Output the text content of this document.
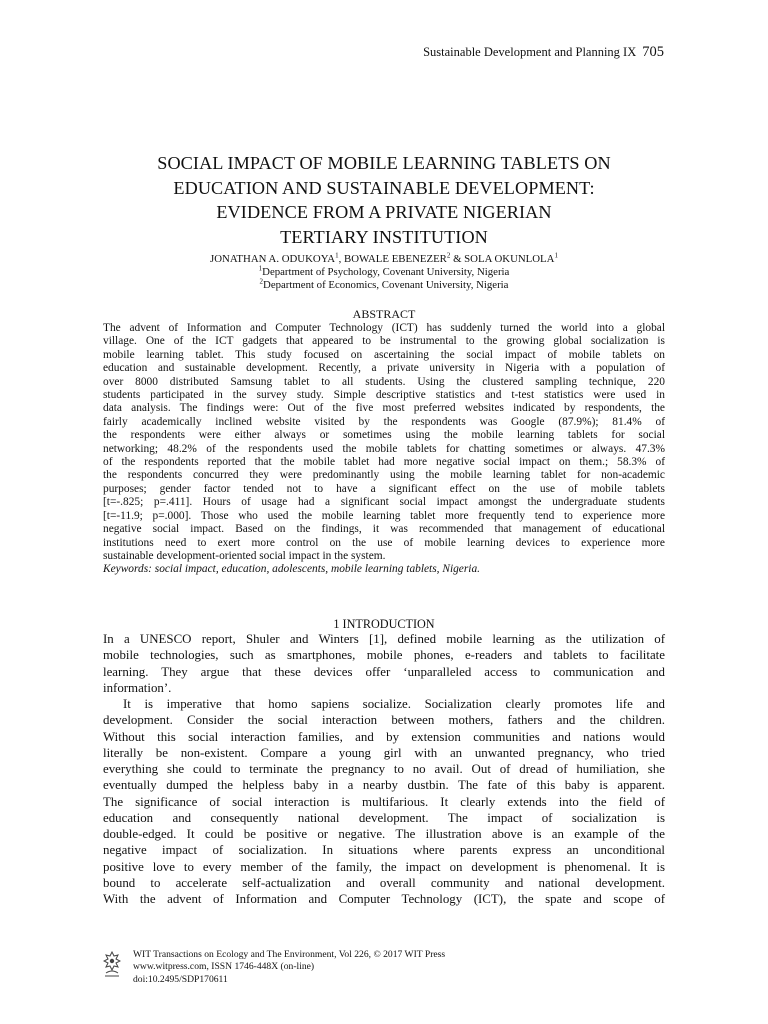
Sustainable Development and Planning IX 705
SOCIAL IMPACT OF MOBILE LEARNING TABLETS ON
EDUCATION AND SUSTAINABLE DEVELOPMENT:
EVIDENCE FROM A PRIVATE NIGERIAN
TERTIARY INSTITUTION
JONATHAN A. ODUKOYA$^1$, BOWALE EBENEZER$^2$ & SOLA OKUNLOLA$^1$
$^1$Department of Psychology, Covenant University, Nigeria
$^2$Department of Economics, Covenant University, Nigeria
ABSTRACT
The advent of Information and Computer Technology (ICT) has suddenly turned the world into a global
village. One of the ICT gadgets that appeared to be instrumental to the growing global socialization is
mobile learning tablet. This study focused on ascertaining the social impact of mobile tablets on
education and sustainable development. Recently, a private university in Nigeria with a population of
over 8000 distributed Samsung tablet to all students. Using the clustered sampling technique, 220
students participated in the survey study. Simple descriptive statistics and t-test statistics were used in
data analysis. The findings were: Out of the five most preferred websites indicated by respondents, the
fairly academically inclined website visited by the respondents was Google (87.9%); 81.4% of
the respondents were either always or sometimes using the mobile learning tablets for social
networking; 48.2% of the respondents used the mobile tablets for chatting sometimes or always. 47.3%
of the respondents reported that the mobile tablet had more negative social impact on them.; 58.3% of
the respondents concurred they were predominantly using the mobile learning tablet for non-academic
purposes; gender factor tended not to have a significant effect on the use of mobile tablets
[t=-.825; p=.411]. Hours of usage had a significant social impact amongst the undergraduate students
[t=-11.9; p=.000]. Those who used the mobile learning tablet more frequently tend to experience more
negative social impact. Based on the findings, it was recommended that management of educational
institutions need to exert more control on the use of mobile learning devices to experience more
sustainable development-oriented social impact in the system.
Keywords: social impact, education, adolescents, mobile learning tablets, Nigeria.
1 INTRODUCTION
In a UNESCO report, Shuler and Winters [1], defined mobile learning as the utilization of
mobile technologies, such as smartphones, mobile phones, e-readers and tablets to facilitate
learning. They argue that these devices offer ‘unparalleled access to communication and
information’.
It is imperative that homo sapiens socialize. Socialization clearly promotes life and
development. Consider the social interaction between mothers, fathers and the children.
Without this social interaction families, and by extension communities and nations would
literally be non-existent. Compare a young girl with an unwanted pregnancy, who tried
everything she could to terminate the pregnancy to no avail. Out of dread of humiliation, she
eventually dumped the helpless baby in a nearby dustbin. The fate of this baby is apparent.
The significance of social interaction is multifarious. It clearly extends into the field of
education and consequently national development. The impact of socialization is
double-edged. It could be positive or negative. The illustration above is an example of the
negative impact of socialization. In situations where parents express an unconditional
positive love to every member of the family, the impact on development is phenomenal. It is
bound to accelerate self-actualization and overall community and national development.
With the advent of Information and Computer Technology (ICT), the spate and scope of
WIT Transactions on Ecology and The Environment, Vol 226, © 2017 WIT Press
www.witpress.com, ISSN 1746-448X (on-line)
doi:10.2495/SDP170611
